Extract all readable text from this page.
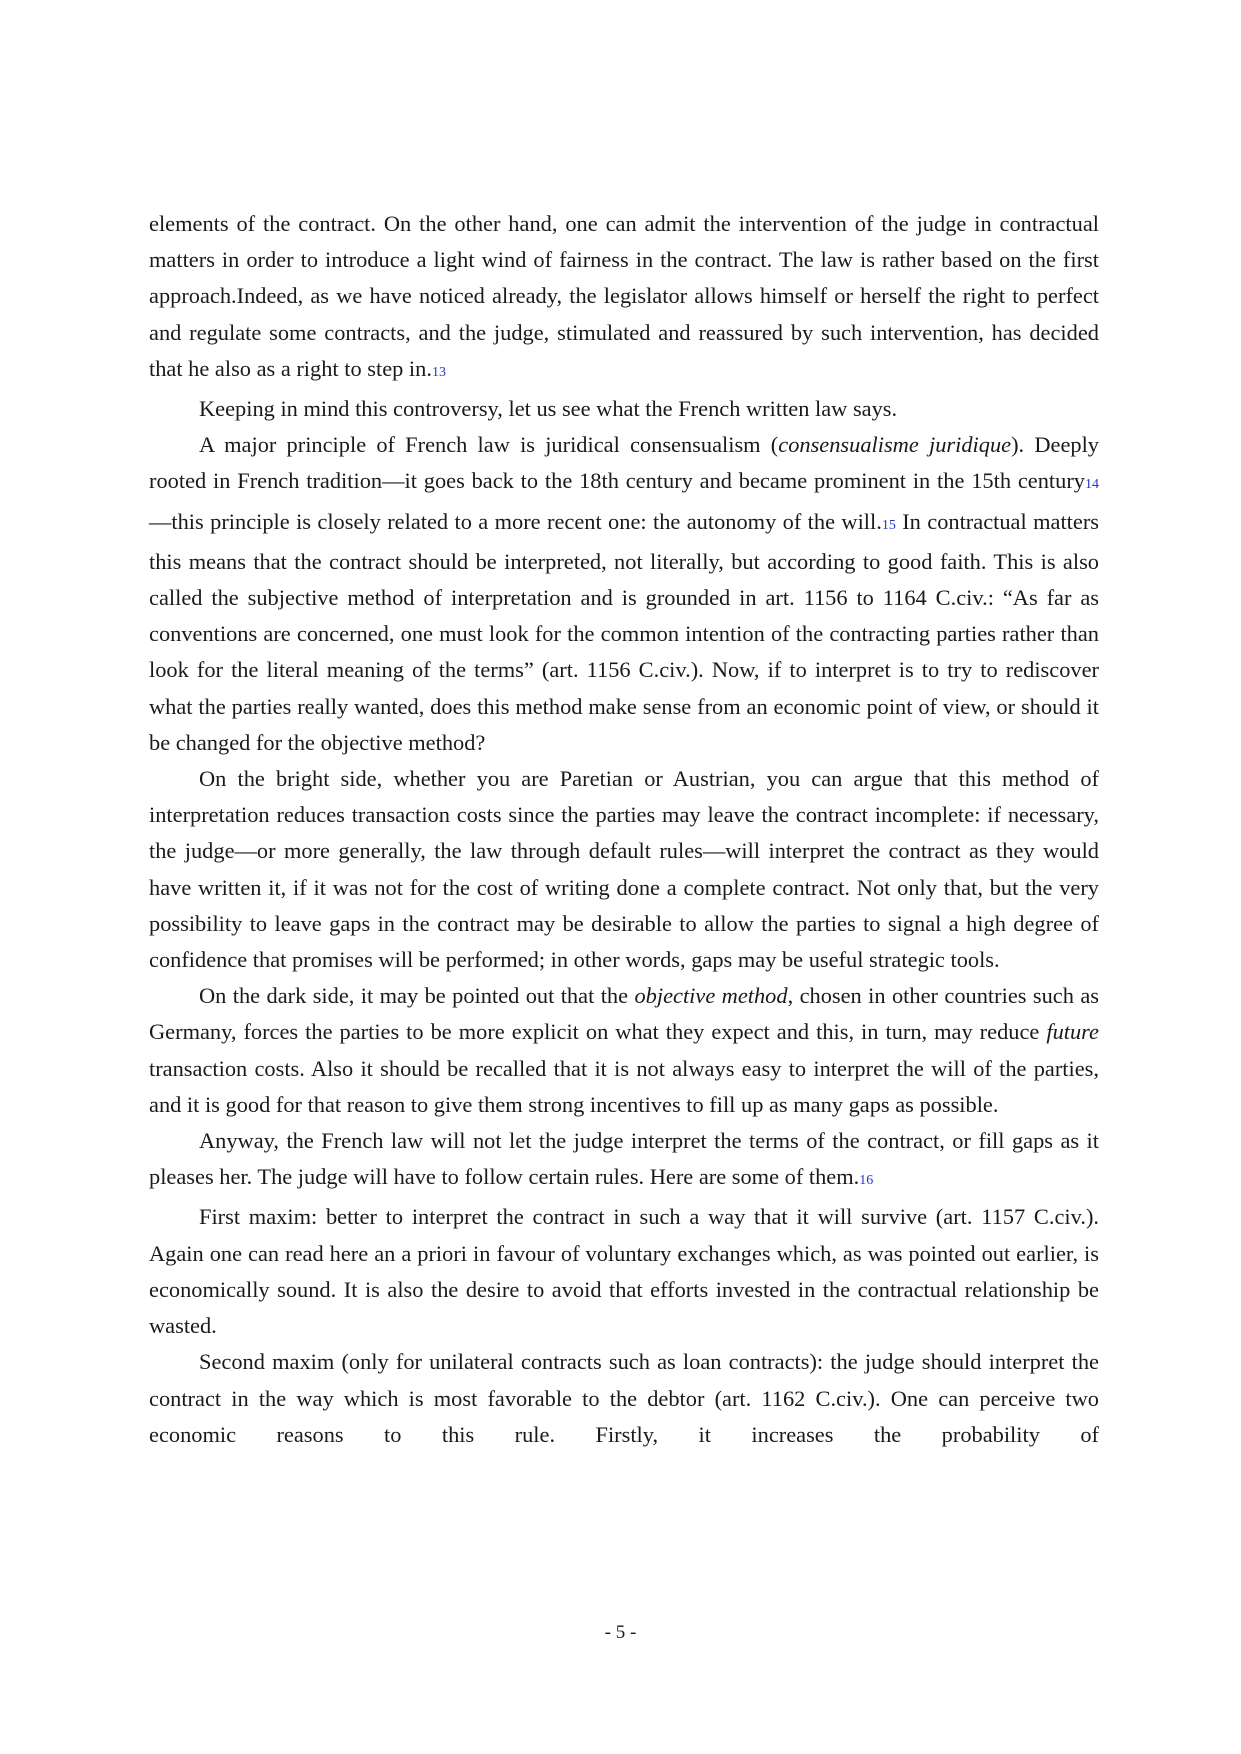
elements of the contract. On the other hand, one can admit the intervention of the judge in contractual matters in order to introduce a light wind of fairness in the contract. The law is rather based on the first approach.Indeed, as we have noticed already, the legislator allows himself or herself the right to perfect and regulate some contracts, and the judge, stimulated and reassured by such intervention, has decided that he also as a right to step in.13

Keeping in mind this controversy, let us see what the French written law says.

A major principle of French law is juridical consensualism (consensualisme juridique). Deeply rooted in French tradition—it goes back to the 18th century and became prominent in the 15th century14—this principle is closely related to a more recent one: the autonomy of the will.15 In contractual matters this means that the contract should be interpreted, not literally, but according to good faith. This is also called the subjective method of interpretation and is grounded in art. 1156 to 1164 C.civ.: “As far as conventions are concerned, one must look for the common intention of the contracting parties rather than look for the literal meaning of the terms” (art. 1156 C.civ.). Now, if to interpret is to try to rediscover what the parties really wanted, does this method make sense from an economic point of view, or should it be changed for the objective method?

On the bright side, whether you are Paretian or Austrian, you can argue that this method of interpretation reduces transaction costs since the parties may leave the contract incomplete: if necessary, the judge—or more generally, the law through default rules—will interpret the contract as they would have written it, if it was not for the cost of writing done a complete contract. Not only that, but the very possibility to leave gaps in the contract may be desirable to allow the parties to signal a high degree of confidence that promises will be performed; in other words, gaps may be useful strategic tools.

On the dark side, it may be pointed out that the objective method, chosen in other countries such as Germany, forces the parties to be more explicit on what they expect and this, in turn, may reduce future transaction costs. Also it should be recalled that it is not always easy to interpret the will of the parties, and it is good for that reason to give them strong incentives to fill up as many gaps as possible.

Anyway, the French law will not let the judge interpret the terms of the contract, or fill gaps as it pleases her. The judge will have to follow certain rules. Here are some of them.16

First maxim: better to interpret the contract in such a way that it will survive (art. 1157 C.civ.). Again one can read here an a priori in favour of voluntary exchanges which, as was pointed out earlier, is economically sound. It is also the desire to avoid that efforts invested in the contractual relationship be wasted.

Second maxim (only for unilateral contracts such as loan contracts): the judge should interpret the contract in the way which is most favorable to the debtor (art. 1162 C.civ.). One can perceive two economic reasons to this rule. Firstly, it increases the probability of

- 5 -
